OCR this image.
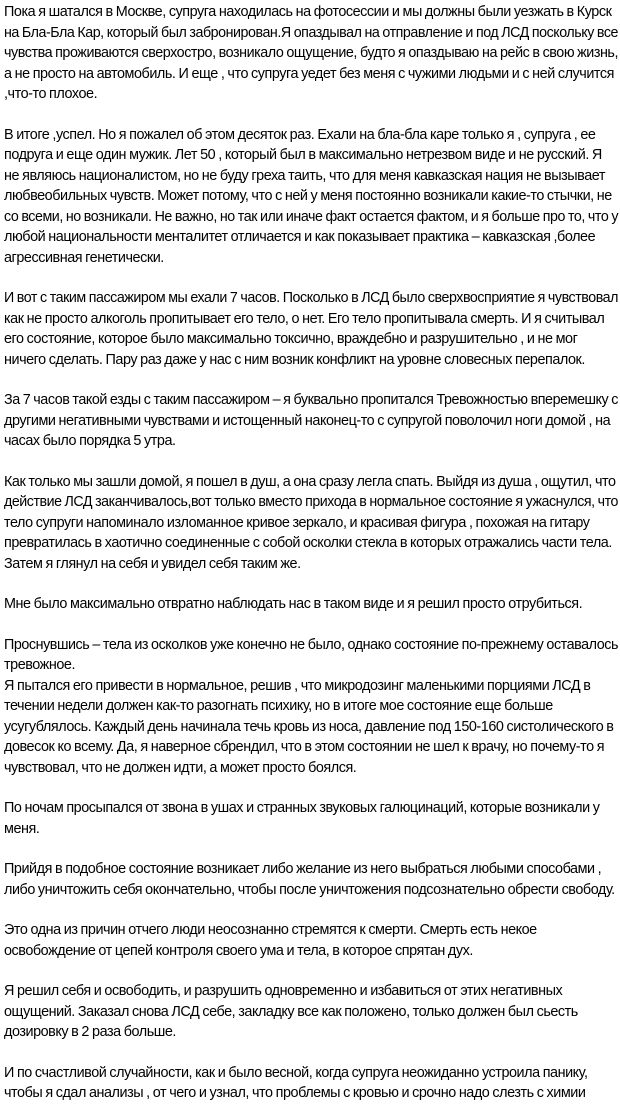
Пока я шатался в Москве, супруга находилась на фотосессии и мы должны были уезжать в Курск
на Бла-Бла Кар, который был забронирован.Я опаздывал на отправление и под ЛСД поскольку все
чувства проживаются сверхостро, возникало ощущение, будто я опаздываю на рейс в свою жизнь,
а не просто на автомобиль. И еще , что супруга уедет без меня с чужими людьми и с ней случится
,что-то плохое.

В итоге ,успел. Но я пожалел об этом десяток раз. Ехали на бла-бла каре только я , супруга , ее
подруга и еще один мужик. Лет 50 , который был в максимально нетрезвом виде и не русский. Я
не являюсь националистом, но не буду греха таить, что для меня кавказская нация не вызывает
любвеобильных чувств. Может потому, что с ней у меня постоянно возникали какие-то стычки, не
со всеми, но возникали. Не важно, но так или иначе факт остается фактом, и я больше про то, что у
любой национальности менталитет отличается и как показывает практика – кавказская ,более
агрессивная генетически.

И вот с таким пассажиром мы ехали 7 часов. Посколько в ЛСД было сверхвосприятие я чувствовал
как не просто алкоголь пропитывает его тело, о нет. Его тело пропитывала смерть. И я считывал
его состояние, которое было максимально токсично, враждебно и разрушительно , и не мог
ничего сделать. Пару раз даже у нас с ним возник конфликт на уровне словесных перепалок.

За 7 часов такой езды с таким пассажиром – я буквально пропитался Тревожностью вперемешку с
другими негативными чувствами и истощенный наконец-то с супругой поволочил ноги домой , на
часах было порядка 5 утра.

Как только мы зашли домой, я пошел в душ, а она сразу легла спать. Выйдя из душа , ощутил, что
действие ЛСД заканчивалось,вот только вместо прихода в нормальное состояние я ужаснулся, что
тело супруги напоминало изломанное кривое зеркало, и красивая фигура , похожая на гитару
превратилась в хаотично соединенные с собой осколки стекла в которых отражались части тела.
Затем я глянул на себя и увидел себя таким же.

Мне было максимально отвратно наблюдать нас в таком виде и я решил просто отрубиться.

Проснувшись – тела из осколков уже конечно не было, однако состояние по-прежнему оставалось
тревожное.

Я пытался его привести в нормальное, решив , что микродозинг маленькими порциями ЛСД в
течении недели должен как-то разогнать психику, но в итоге мое состояние еще больше
усугублялось. Каждый день начинала течь кровь из носа, давление под 150-160 систолического в
довесок ко всему. Да, я наверное сбрендил, что в этом состоянии не шел к врачу, но почему-то я
чувствовал, что не должен идти, а может просто боялся.

По ночам просыпался от звона в ушах и странных звуковых галюцинаций, которые возникали у
меня.

Прийдя в подобное состояние возникает либо желание из него выбраться любыми способами ,
либо уничтожить себя окончательно, чтобы после уничтожения подсознательно обрести свободу.

Это одна из причин отчего люди неосознанно стремятся к смерти. Смерть есть некое
освобождение от цепей контроля своего ума и тела, в которое спрятан дух.

Я решил себя и освободить, и разрушить одновременно и избавиться от этих негативных
ощущений. Заказал снова ЛСД себе, закладку все как положено, только должен был сьесть
дозировку в 2 раза больше.

И по счастливой случайности, как и было весной, когда супруга неожиданно устроила панику,
чтобы я сдал анализы , от чего и узнал, что проблемы с кровью и срочно надо слезть с химии
